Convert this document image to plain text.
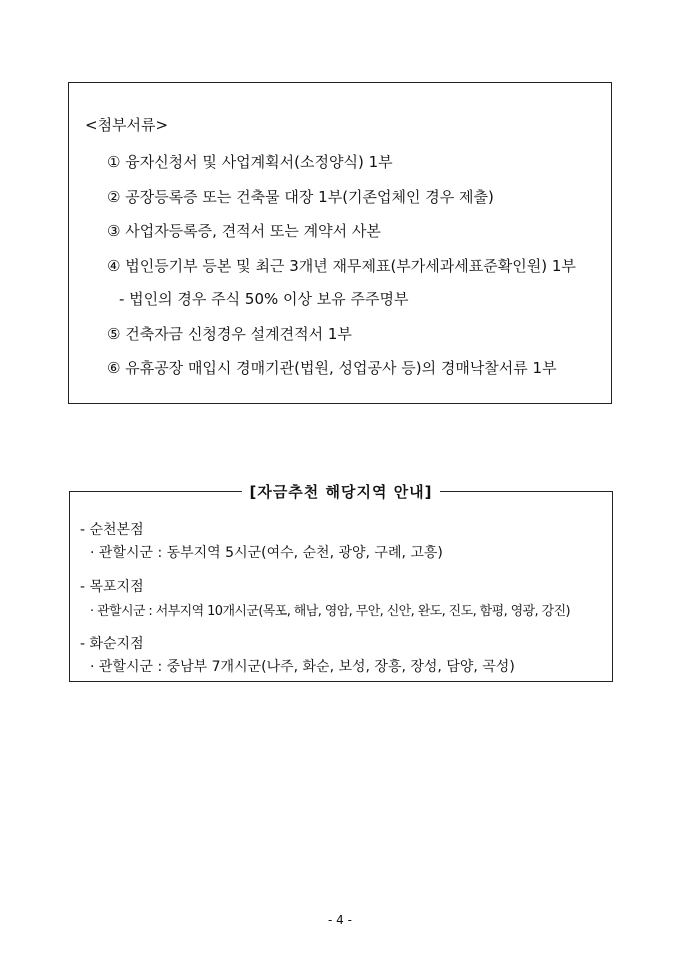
<첨부서류>
① 융자신청서 및 사업계획서(소정양식) 1부
② 공장등록증 또는 건축물 대장 1부(기존업체인 경우 제출)
③ 사업자등록증, 견적서 또는 계약서 사본
④ 법인등기부 등본 및 최근 3개년 재무제표(부가세과세표준확인원) 1부
- 법인의 경우 주식 50% 이상 보유 주주명부
⑤ 건축자금 신청경우 설계견적서 1부
⑥ 유휴공장 매입시 경매기관(법원, 성업공사 등)의 경매낙찰서류 1부
[자금추천 해당지역 안내]
- 순천본점
· 관할시군 : 동부지역 5시군(여수, 순천, 광양, 구례, 고흥)
- 목포지점
· 관할시군 : 서부지역 10개시군(목포, 해남, 영암, 무안, 신안, 완도, 진도, 함평, 영광, 강진)
- 화순지점
· 관할시군 : 중남부 7개시군(나주, 화순, 보성, 장흥, 장성, 담양, 곡성)
- 4 -
